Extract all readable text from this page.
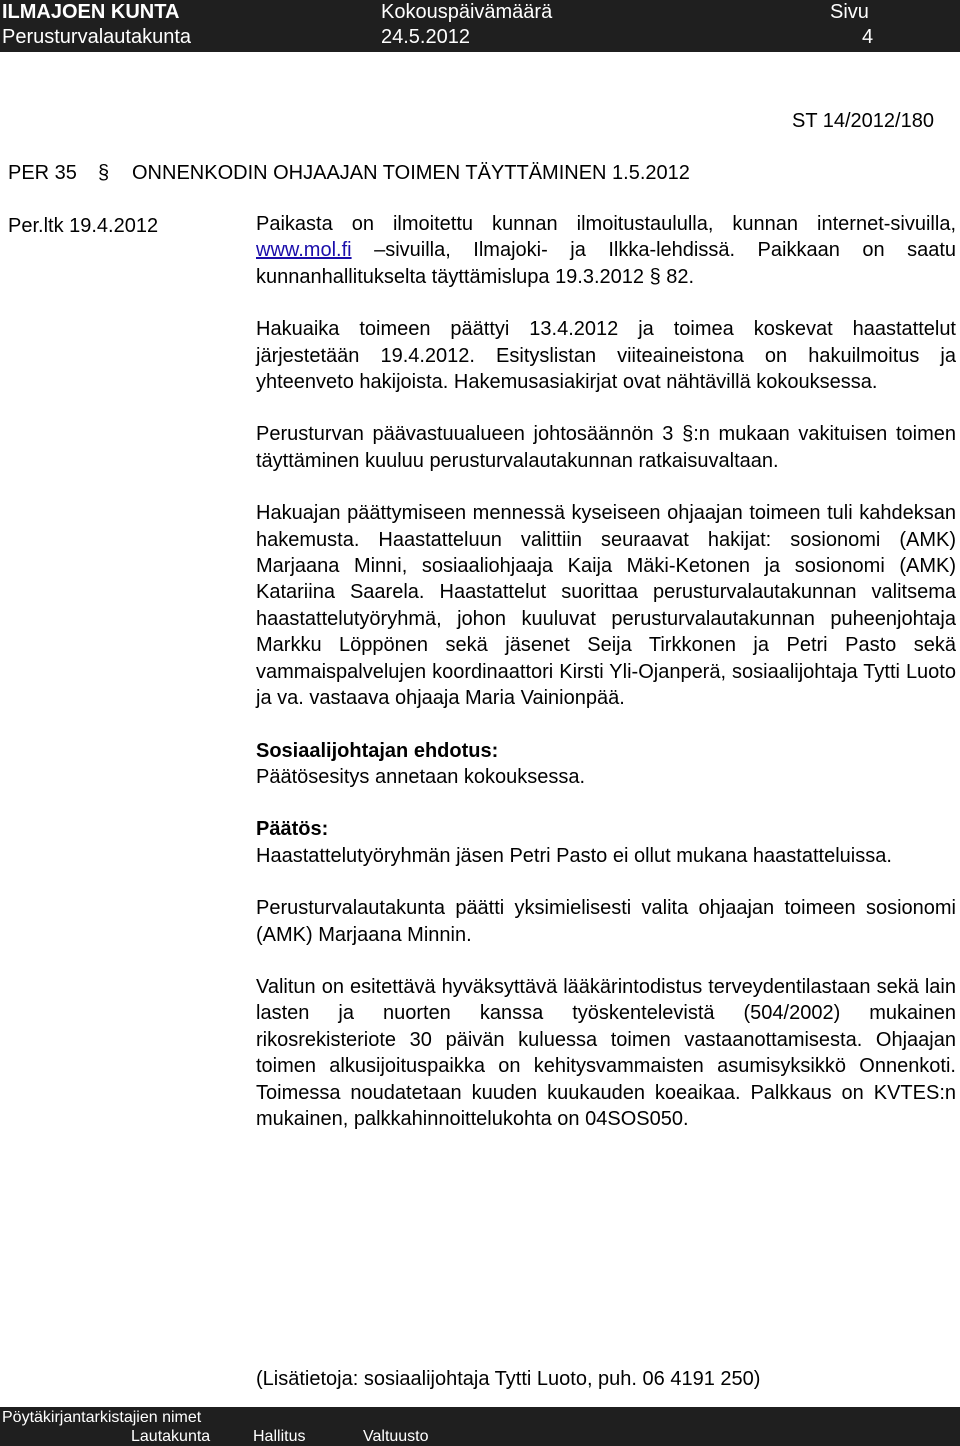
ILMAJOEN KUNTA
Perusturvalautakunta
Kokouspäivämäärä
24.5.2012
Sivu
4
ST 14/2012/180
PER 35 § ONNENKODIN OHJAAJAN TOIMEN TÄYTTÄMINEN 1.5.2012
Per.ltk 19.4.2012	Paikasta on ilmoitettu kunnan ilmoitustaululla, kunnan internet-sivuilla, www.mol.fi –sivuilla, Ilmajoki- ja Ilkka-lehdissä. Paikkaan on saatu kunnanhallitukselta täyttämislupa 19.3.2012 § 82.

Hakuaika toimeen päättyi 13.4.2012 ja toimea koskevat haastattelut järjestetään 19.4.2012. Esityslistan viiteaineistona on hakuilmoitus ja yhteenveto hakijoista. Hakemusasiakirjat ovat nähtävillä kokouksessa.

Perusturvan päävastuualueen johtosäännön 3 §:n mukaan vakituisen toimen täyttäminen kuuluu perusturvalautakunnan ratkaisuvaltaan.

Hakuajan päättymiseen mennessä kyseiseen ohjaajan toimeen tuli kahdeksan hakemusta. Haastatteluun valittiin seuraavat hakijat: sosionomi (AMK) Marjaana Minni, sosiaaliohjaaja Kaija Mäki-Ketonen ja sosionomi (AMK) Katariina Saarela. Haastattelut suorittaa perusturvalautakunnan valitsema haastattelutyöryhmä, johon kuuluvat perusturvalautakunnan puheenjohtaja Markku Löppönen sekä jäsenet Seija Tirkkonen ja Petri Pasto sekä vammaispalvelujen koordinaattori Kirsti Yli-Ojanperä, sosiaalijohtaja Tytti Luoto ja va. vastaava ohjaaja Maria Vainionpää.

Sosiaalijohtajan ehdotus:

Päätösesitys annetaan kokouksessa.

Päätös:

Haastattelutyöryhmän jäsen Petri Pasto ei ollut mukana haastatteluissa.

Perusturvalautakunta päätti yksimielisesti valita ohjaajan toimeen sosionomi (AMK) Marjaana Minnin.

Valitun on esitettävä hyväksyttävä lääkärintodistus terveydentilastaan sekä lain lasten ja nuorten kanssa työskentelevistä (504/2002) mukainen rikosrekisteriote 30 päivän kuluessa toimen vastaanottamisesta. Ohjaajan toimen alkusijoituspaikka on kehitysvammaisten asumisyksikkö Onnenkoti. Toimessa noudatetaan kuuden kuukauden koeaikaa. Palkkaus on KVTES:n mukainen, palkkahinnoittelukohta on 04SOS050.

(Lisätietoja: sosiaalijohtaja Tytti Luoto, puh. 06 4191 250)

Pöytäkirjantarkistajien nimet
Lautakunta	Hallitus	Valtuusto
